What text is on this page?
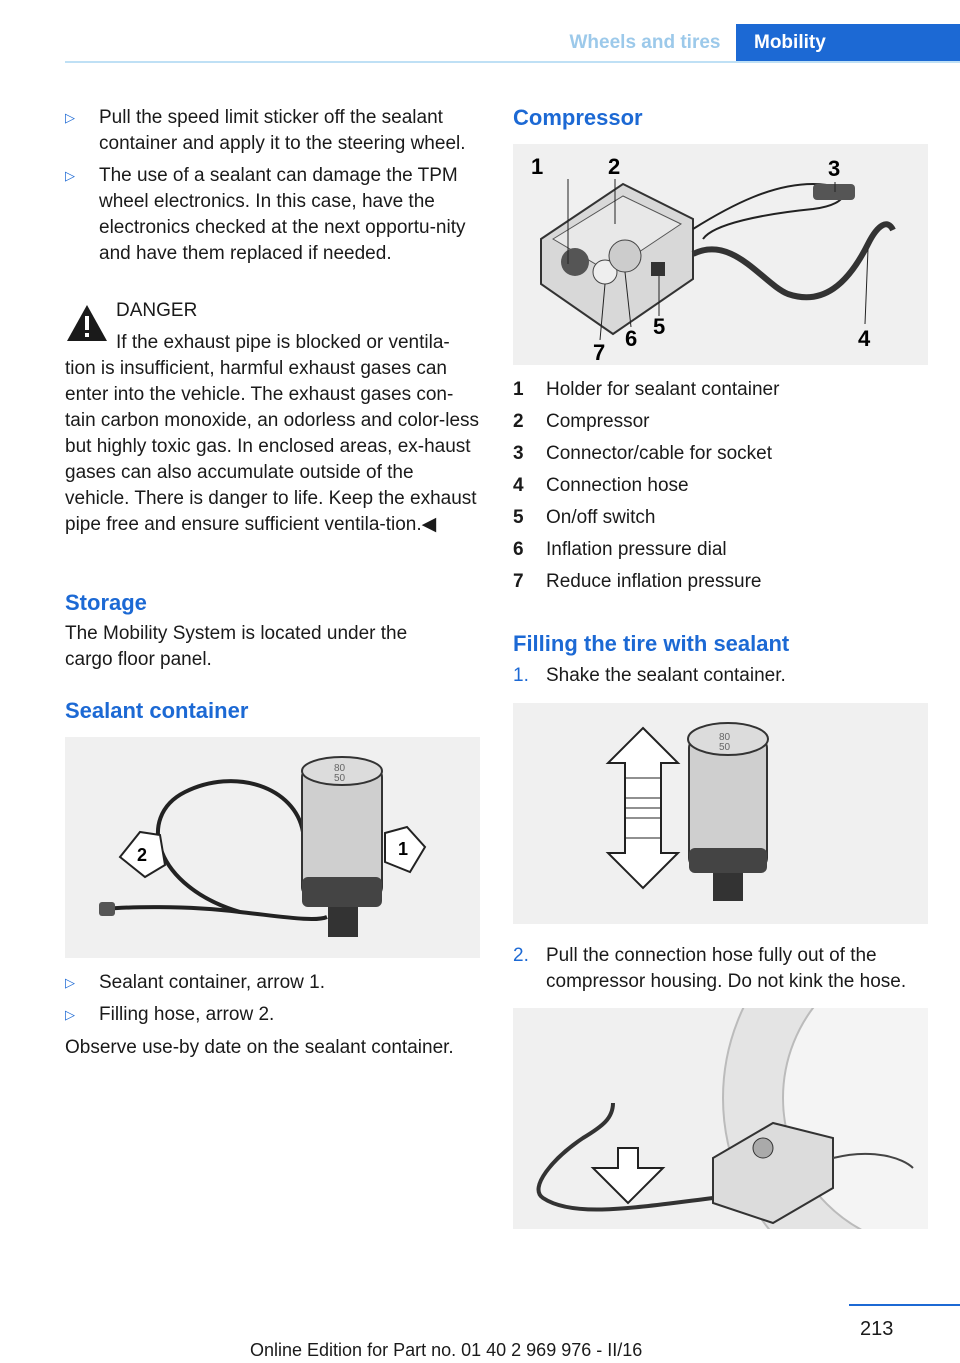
Wheels and tires	Mobility
▷ Pull the speed limit sticker off the sealant container and apply it to the steering wheel.
▷ The use of a sealant can damage the TPM wheel electronics. In this case, have the electronics checked at the next opportu-nity and have them replaced if needed.
DANGER
If the exhaust pipe is blocked or ventila-tion is insufficient, harmful exhaust gases can enter into the vehicle. The exhaust gases con-tain carbon monoxide, an odorless and color-less but highly toxic gas. In enclosed areas, ex-haust gases can also accumulate outside of the vehicle. There is danger to life. Keep the exhaust pipe free and ensure sufficient ventila-tion.◀
Storage
The Mobility System is located under the cargo floor panel.
Sealant container
80
50
2	1
▷ Sealant container, arrow 1.
▷ Filling hose, arrow 2.
Observe use-by date on the sealant container.
Compressor
1	2	3
4
5
6
7
1 Holder for sealant container
2 Compressor
3 Connector/cable for socket
4 Connection hose
5 On/off switch
6 Inflation pressure dial
7 Reduce inflation pressure
Filling the tire with sealant
1. Shake the sealant container.
80
50
2. Pull the connection hose fully out of the compressor housing. Do not kink the hose.
213
Online Edition for Part no. 01 40 2 969 976 - II/16
